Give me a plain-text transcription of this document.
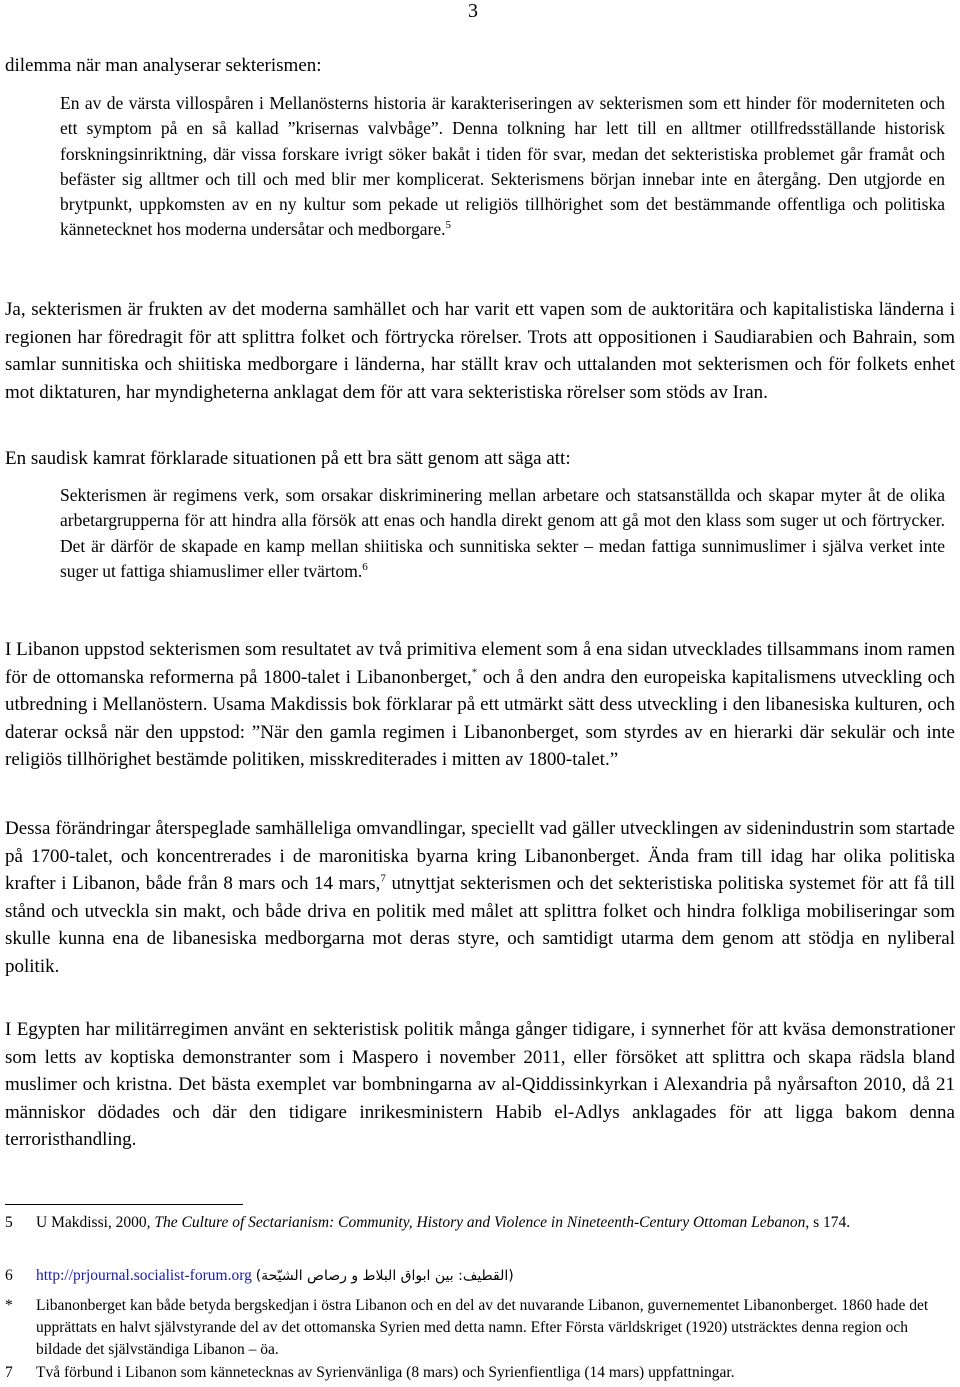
3

dilemma när man analyserar sekterismen:

En av de värsta villospåren i Mellanösterns historia är karakteriseringen av sekterismen som ett hinder för moderniteten och ett symptom på en så kallad ”krisernas valvbåge”. Denna tolkning har lett till en alltmer otillfredsställande historisk forskningsinriktning, där vissa forskare ivrigt söker bakåt i tiden för svar, medan det sekteristiska problemet går framåt och befäster sig alltmer och till och med blir mer komplicerat. Sekterismens början innebar inte en återgång. Den utgjorde en brytpunkt, uppkomsten av en ny kultur som pekade ut religiös tillhörighet som det bestämmande offentliga och politiska kännetecknet hos moderna undersåtar och medborgare.$^5$

Ja, sekterismen är frukten av det moderna samhället och har varit ett vapen som de auktoritära och kapitalistiska länderna i regionen har föredragit för att splittra folket och förtrycka rörelser. Trots att oppositionen i Saudiarabien och Bahrain, som samlar sunnitiska och shiitiska medborgare i länderna, har ställt krav och uttalanden mot sekterismen och för folkets enhet mot diktaturen, har myndigheterna anklagat dem för att vara sekteristiska rörelser som stöds av Iran.

En saudisk kamrat förklarade situationen på ett bra sätt genom att säga att:

Sekterismen är regimens verk, som orsakar diskriminering mellan arbetare och statsanställda och skapar myter åt de olika arbetargrupperna för att hindra alla försök att enas och handla direkt genom att gå mot den klass som suger ut och förtrycker. Det är därför de skapade en kamp mellan shiitiska och sunnitiska sekter – medan fattiga sunnimuslimer i själva verket inte suger ut fattiga shiamuslimer eller tvärtom.$^6$

I Libanon uppstod sekterismen som resultatet av två primitiva element som å ena sidan utvecklades tillsammans inom ramen för de ottomanska reformerna på 1800-talet i Libanonberget,* och å den andra den europeiska kapitalismens utveckling och utbredning i Mellanöstern. Usama Makdissis bok förklarar på ett utmärkt sätt dess utveckling i den libanesiska kulturen, och daterar också när den uppstod: ”När den gamla regimen i Libanonberget, som styrdes av en hierarki där sekulär och inte religiös tillhörighet bestämde politiken, misskrediterades i mitten av 1800-talet.”

Dessa förändringar återspeglade samhälleliga omvandlingar, speciellt vad gäller utvecklingen av sidenindustrin som startade på 1700-talet, och koncentrerades i de maronitiska byarna kring Libanonberget. Ända fram till idag har olika politiska krafter i Libanon, både från 8 mars och 14 mars,$^7$ utnyttjat sekterismen och det sekteristiska politiska systemet för att få till stånd och utveckla sin makt, och både driva en politik med målet att splittra folket och hindra folkliga mobiliseringar som skulle kunna ena de libanesiska medborgarna mot deras styre, och samtidigt utarma dem genom att stödja en nyliberal politik.

I Egypten har militärregimen använt en sekteristisk politik många gånger tidigare, i synnerhet för att kväsa demonstrationer som letts av koptiska demonstranter som i Maspero i november 2011, eller försöket att splittra och skapa rädsla bland muslimer och kristna. Det bästa exemplet var bombningarna av al-Qiddissinkyrkan i Alexandria på nyårsafton 2010, då 21 människor dödades och där den tidigare inrikesministern Habib el-Adlys anklagades för att ligga bakom denna terroristhandling.

5 U Makdissi, 2000, The Culture of Sectarianism: Community, History and Violence in Nineteenth-Century Ottoman Lebanon, s 174.
6 http://prjournal.socialist-forum.org (القطيف: بين ابواق البلاط و رصاص الشيّحة)
* Libanonberget kan både betyda bergskedjan i östra Libanon och en del av det nuvarande Libanon, guvernementet Libanonberget. 1860 hade det upprättats en halvt självstyrande del av det ottomanska Syrien med detta namn. Efter Första världskriget (1920) utsträcktes denna region och bildade det självständiga Libanon – öa.
7 Två förbund i Libanon som kännetecknas av Syrienvänliga (8 mars) och Syrienfientliga (14 mars) uppfattningar.
